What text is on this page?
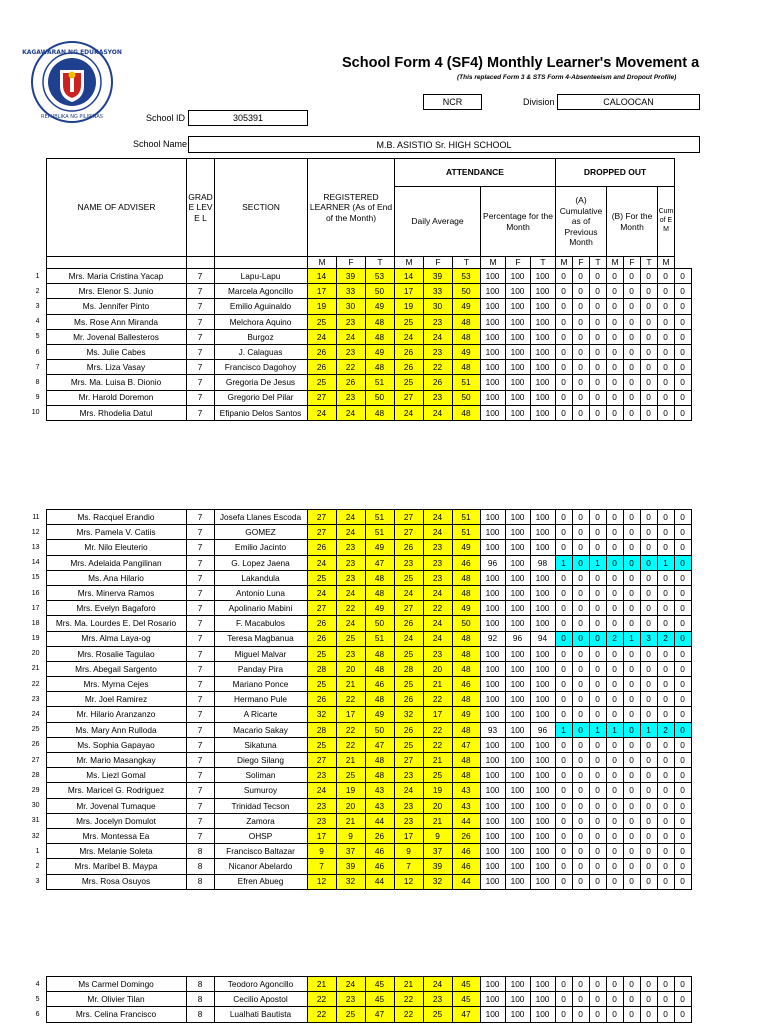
KAGAWARAN NG EDUKASYON
REPUBLIKA NG PILIPINAS
School Form 4 (SF4) Monthly Learner's Movement a
(This replaced Form 3 & STS Form 4-Absenteeism and Dropout Profile)
NCR	Division	CALOOCAN
School ID	305391
School Name	M.B. ASISTIO Sr. HIGH SCHOOL
NAME OF ADVISER	GRAD E LEVE L	SECTION	REGISTERED LEARNER (As of End of the Month)			ATTENDANCE						DROPPED OUT						
						Daily Average			Percentage for the Month			(A) Cumulative as of Previous Month			(B) For the Month			Cum of E M
			M	F	T	M	F	T	M	F	T	M	F	T	M	F	T	M
1	Mrs. Maria Cristina Yacap	7	Lapu-Lapu	14	39	53	14	39	53	100	100	100	0	0	0	0	0	0	0	0
2	Mrs. Elenor S. Junio	7	Marcela Agoncillo	17	33	50	17	33	50	100	100	100	0	0	0	0	0	0	0	0
3	Ms. Jennifer Pinto	7	Emilio Aguinaldo	19	30	49	19	30	49	100	100	100	0	0	0	0	0	0	0	0
4	Ms. Rose Ann Miranda	7	Melchora Aquino	25	23	48	25	23	48	100	100	100	0	0	0	0	0	0	0	0
5	Mr. Jovenal Ballesteros	7	Burgoz	24	24	48	24	24	48	100	100	100	0	0	0	0	0	0	0	0
6	Ms. Julie Cabes	7	J. Calaguas	26	23	49	26	23	49	100	100	100	0	0	0	0	0	0	0	0
7	Mrs. Liza Vasay	7	Francisco Dagohoy	26	22	48	26	22	48	100	100	100	0	0	0	0	0	0	0	0
8	Mrs. Ma. Luisa B. Dionio	7	Gregoria De Jesus	25	26	51	25	26	51	100	100	100	0	0	0	0	0	0	0	0
9	Mr. Harold Doremon	7	Gregorio Del Pilar	27	23	50	27	23	50	100	100	100	0	0	0	0	0	0	0	0
10	Mrs. Rhodelia Datul	7	Efipanio Delos Santos	24	24	48	24	24	48	100	100	100	0	0	0	0	0	0	0	0
11	Ms. Racquel Erandio	7	Josefa Llanes Escoda	27	24	51	27	24	51	100	100	100	0	0	0	0	0	0	0	0
12	Mrs. Pamela V. Catiis	7	GOMEZ	27	24	51	27	24	51	100	100	100	0	0	0	0	0	0	0	0
13	Mr. Nilo Eleuterio	7	Emilio Jacinto	26	23	49	26	23	49	100	100	100	0	0	0	0	0	0	0	0
14	Mrs. Adelaida Pangilinan	7	G. Lopez Jaena	24	23	47	23	23	46	96	100	98	1	0	1	0	0	0	1	0
15	Ms. Ana Hilario	7	Lakandula	25	23	48	25	23	48	100	100	100	0	0	0	0	0	0	0	0
16	Mrs. Minerva Ramos	7	Antonio Luna	24	24	48	24	24	48	100	100	100	0	0	0	0	0	0	0	0
17	Mrs. Evelyn Bagaforo	7	Apolinario Mabini	27	22	49	27	22	49	100	100	100	0	0	0	0	0	0	0	0
18	Mrs. Ma. Lourdes E. Del Rosario	7	F. Macabulos	26	24	50	26	24	50	100	100	100	0	0	0	0	0	0	0	0
19	Mrs. Alma Laya-og	7	Teresa Magbanua	26	25	51	24	24	48	92	96	94	0	0	0	2	1	3	2	0
20	Mrs. Rosalie Tagulao	7	Miguel Malvar	25	23	48	25	23	48	100	100	100	0	0	0	0	0	0	0	0
21	Mrs. Abegail Sargento	7	Panday Pira	28	20	48	28	20	48	100	100	100	0	0	0	0	0	0	0	0
22	Mrs. Myrna Cejes	7	Mariano Ponce	25	21	46	25	21	46	100	100	100	0	0	0	0	0	0	0	0
23	Mr. Joel Ramirez	7	Hermano Pule	26	22	48	26	22	48	100	100	100	0	0	0	0	0	0	0	0
24	Mr. Hilario Aranzanzo	7	A Ricarte	32	17	49	32	17	49	100	100	100	0	0	0	0	0	0	0	0
25	Ms. Mary Ann Rulloda	7	Macario Sakay	28	22	50	26	22	48	93	100	96	1	0	1	1	0	1	2	0
26	Ms. Sophia Gapayao	7	Sikatuna	25	22	47	25	22	47	100	100	100	0	0	0	0	0	0	0	0
27	Mr. Mario Masangkay	7	Diego Silang	27	21	48	27	21	48	100	100	100	0	0	0	0	0	0	0	0
28	Ms. Liezl Gomal	7	Soliman	23	25	48	23	25	48	100	100	100	0	0	0	0	0	0	0	0
29	Mrs. Maricel G. Rodriguez	7	Sumuroy	24	19	43	24	19	43	100	100	100	0	0	0	0	0	0	0	0
30	Mr. Jovenal Tumaque	7	Trinidad Tecson	23	20	43	23	20	43	100	100	100	0	0	0	0	0	0	0	0
31	Mrs. Jocelyn Domulot	7	Zamora	23	21	44	23	21	44	100	100	100	0	0	0	0	0	0	0	0
32	Mrs. Montessa Ea	7	OHSP	17	9	26	17	9	26	100	100	100	0	0	0	0	0	0	0	0
1	Mrs. Melanie Soleta	8	Francisco Baltazar	9	37	46	9	37	46	100	100	100	0	0	0	0	0	0	0	0
2	Mrs. Maribel B. Maypa	8	Nicanor Abelardo	7	39	46	7	39	46	100	100	100	0	0	0	0	0	0	0	0
3	Mrs. Rosa Osuyos	8	Efren Abueg	12	32	44	12	32	44	100	100	100	0	0	0	0	0	0	0	0
4	Ms Carmel Domingo	8	Teodoro Agoncillo	21	24	45	21	24	45	100	100	100	0	0	0	0	0	0	0	0
5	Mr. Olivier Tilan	8	Cecilio Apostol	22	23	45	22	23	45	100	100	100	0	0	0	0	0	0	0	0
6	Mrs. Celina Francisco	8	Lualhati Bautista	22	25	47	22	25	47	100	100	100	0	0	0	0	0	0	0	0
